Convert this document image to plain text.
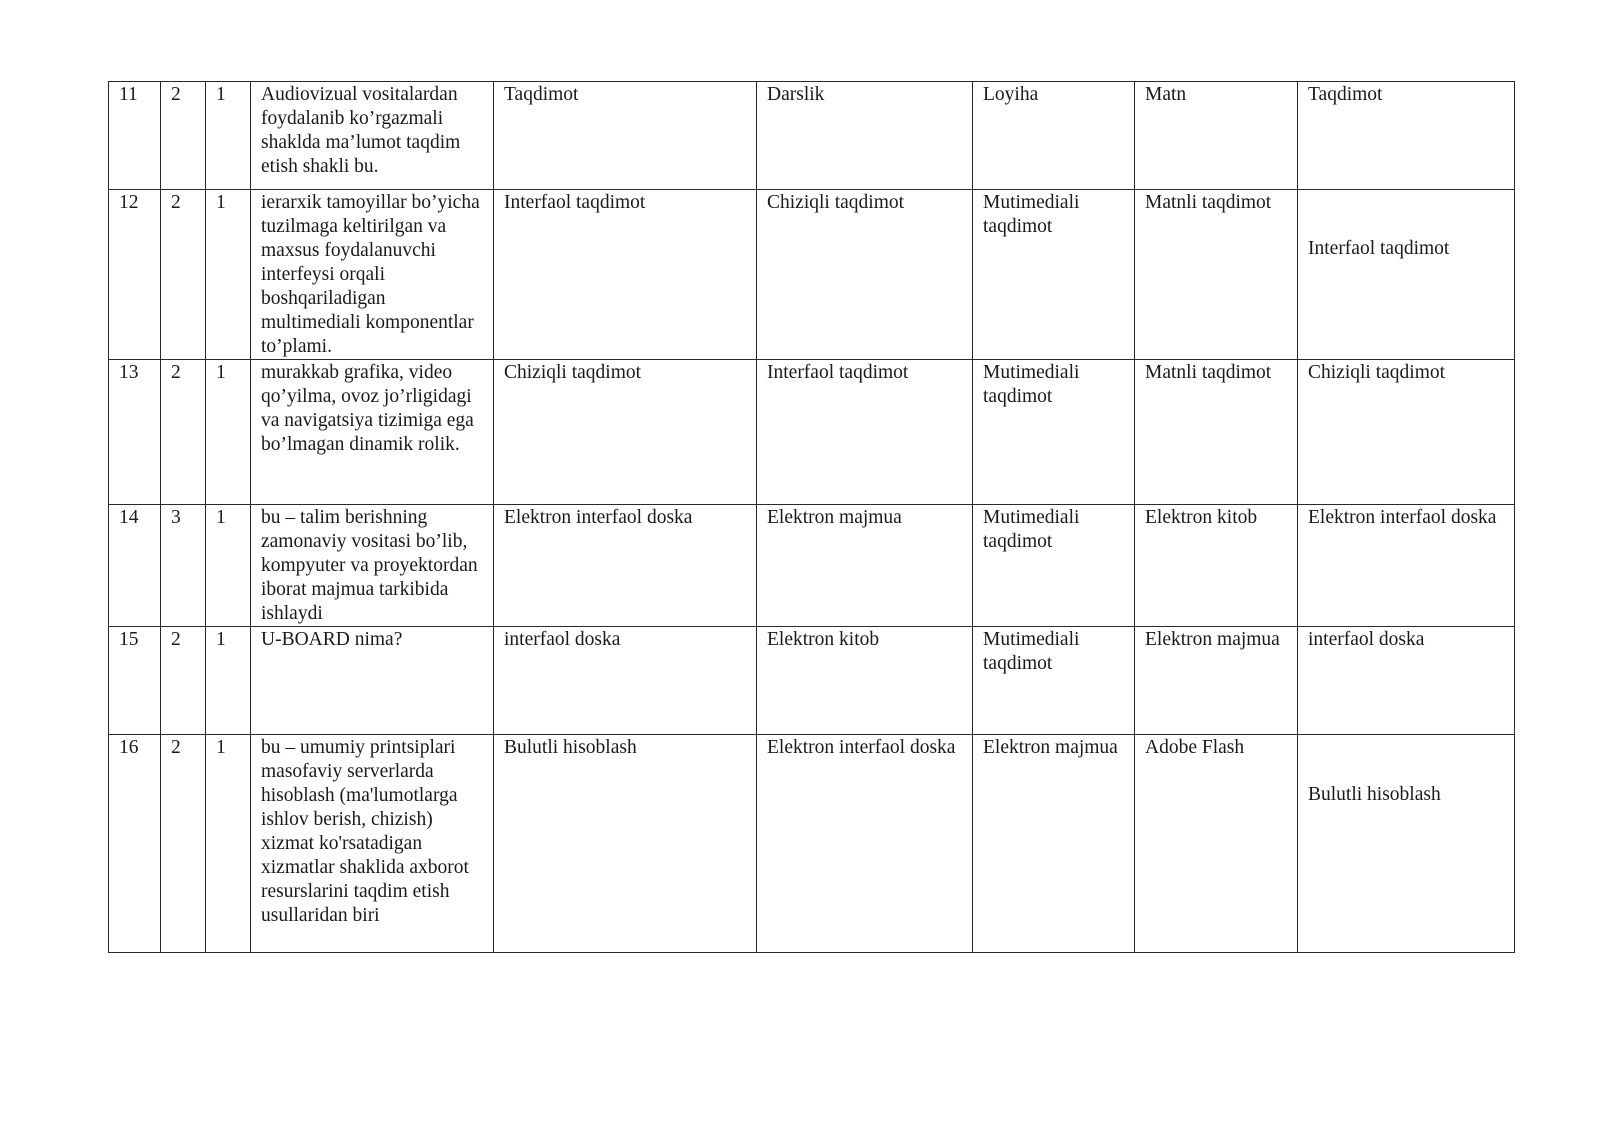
11	2	1	Audiovizual vositalardan foydalanib ko’rgazmali shaklda ma’lumot taqdim etish shakli bu.	Taqdimot	Darslik	Loyiha	Matn	Taqdimot
12	2	1	ierarxik tamoyillar bo’yicha tuzilmaga keltirilgan va maxsus foydalanuvchi interfeysi orqali boshqariladigan multimediali komponentlar to’plami.	Interfaol taqdimot	Chiziqli taqdimot	Mutimediali taqdimot	Matnli taqdimot	Interfaol taqdimot
13	2	1	murakkab grafika, video qo’yilma, ovoz jo’rligidagi va navigatsiya tizimiga ega bo’lmagan dinamik rolik.	Chiziqli taqdimot	Interfaol taqdimot	Mutimediali taqdimot	Matnli taqdimot	Chiziqli taqdimot
14	3	1	bu – talim berishning zamonaviy vositasi bo’lib, kompyuter va proyektordan iborat majmua tarkibida ishlaydi	Elektron interfaol doska	Elektron majmua	Mutimediali taqdimot	Elektron kitob	Elektron interfaol doska
15	2	1	U-BOARD nima?	interfaol doska	Elektron kitob	Mutimediali taqdimot	Elektron majmua	interfaol doska
16	2	1	bu – umumiy printsiplari masofaviy serverlarda hisoblash (ma'lumotlarga ishlov berish, chizish) xizmat ko'rsatadigan xizmatlar shaklida axborot resurslarini taqdim etish usullaridan biri	Bulutli hisoblash	Elektron interfaol doska	Elektron majmua	Adobe Flash	Bulutli hisoblash
